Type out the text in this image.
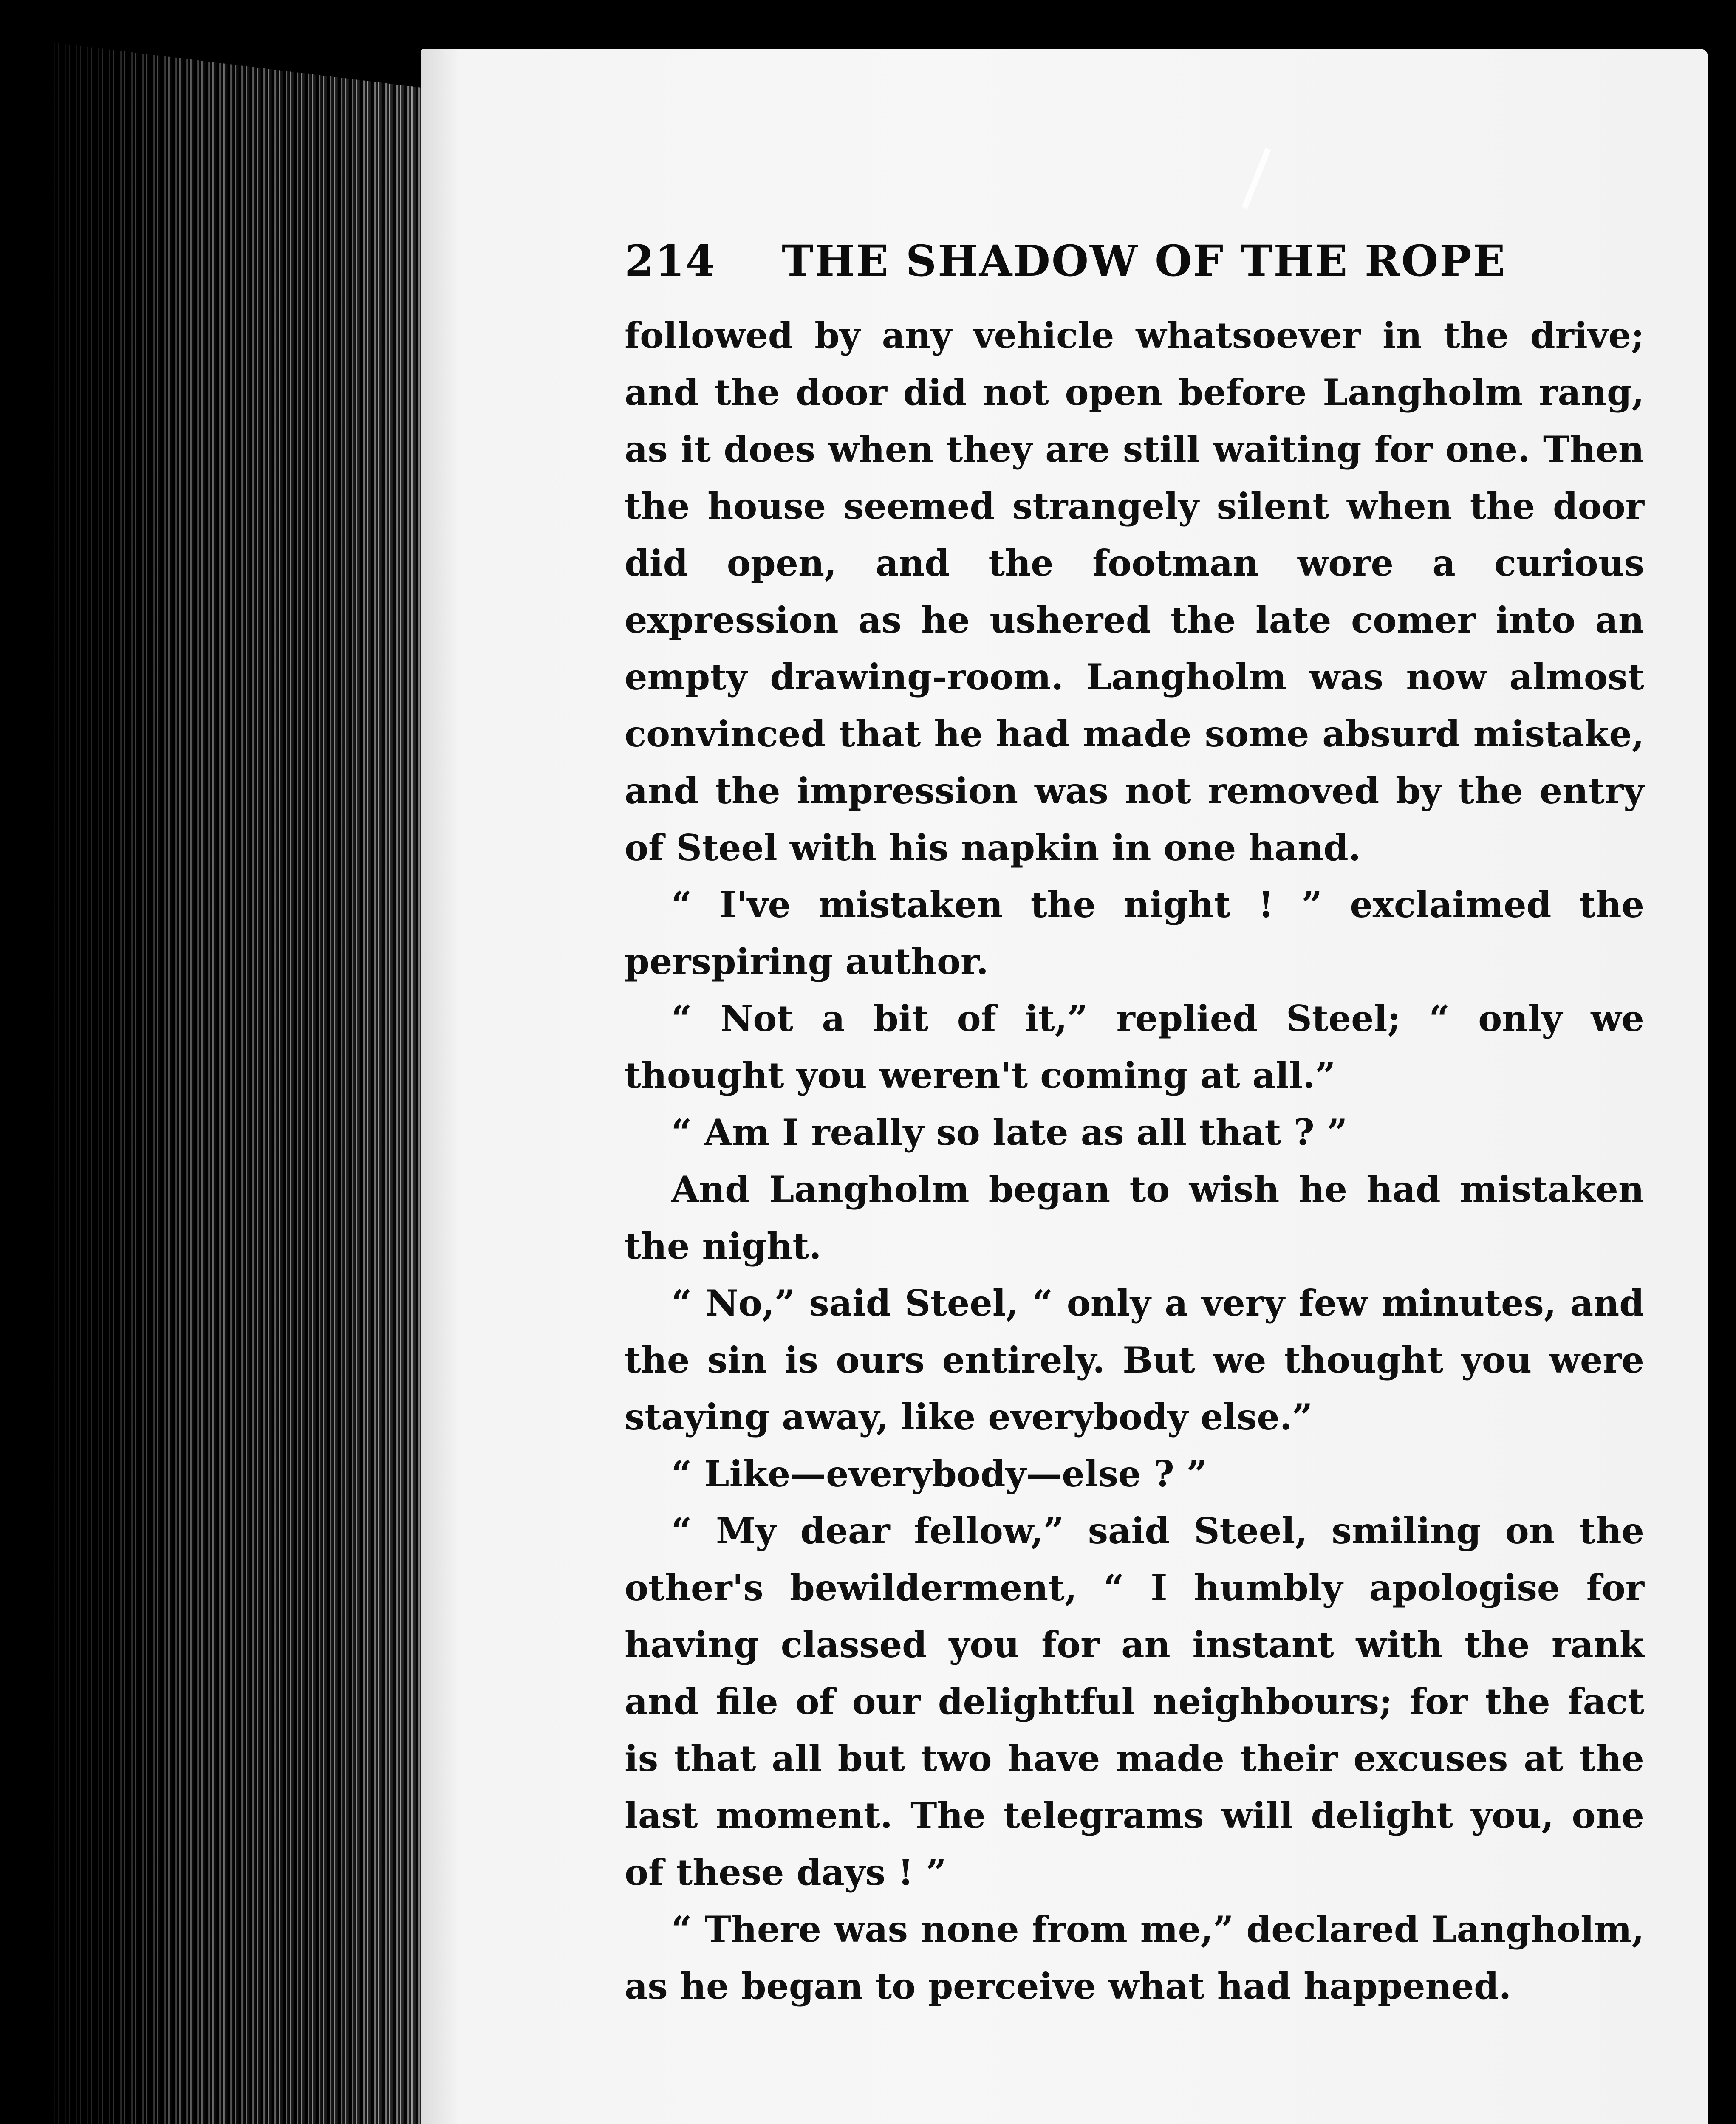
214	THE SHADOW OF THE ROPE

followed by any vehicle whatsoever in the drive; and the door did not open before Langholm rang, as it does when they are still waiting for one. Then the house seemed strangely silent when the door did open, and the footman wore a curious expression as he ushered the late comer into an empty drawing-room. Langholm was now almost convinced that he had made some absurd mistake, and the impression was not removed by the entry of Steel with his napkin in one hand.

“ I've mistaken the night ! ” exclaimed the perspiring author.

“ Not a bit of it,” replied Steel; “ only we thought you weren't coming at all.”

“ Am I really so late as all that ? ”

And Langholm began to wish he had mistaken the night.

“ No,” said Steel, “ only a very few minutes, and the sin is ours entirely. But we thought you were staying away, like everybody else.”

“ Like—everybody—else ? ”

“ My dear fellow,” said Steel, smiling on the other's bewilderment, “ I humbly apologise for having classed you for an instant with the rank and file of our delightful neighbours; for the fact is that all but two have made their excuses at the last moment. The telegrams will delight you, one of these days ! ”

“ There was none from me,” declared Langholm, as he began to perceive what had happened.
